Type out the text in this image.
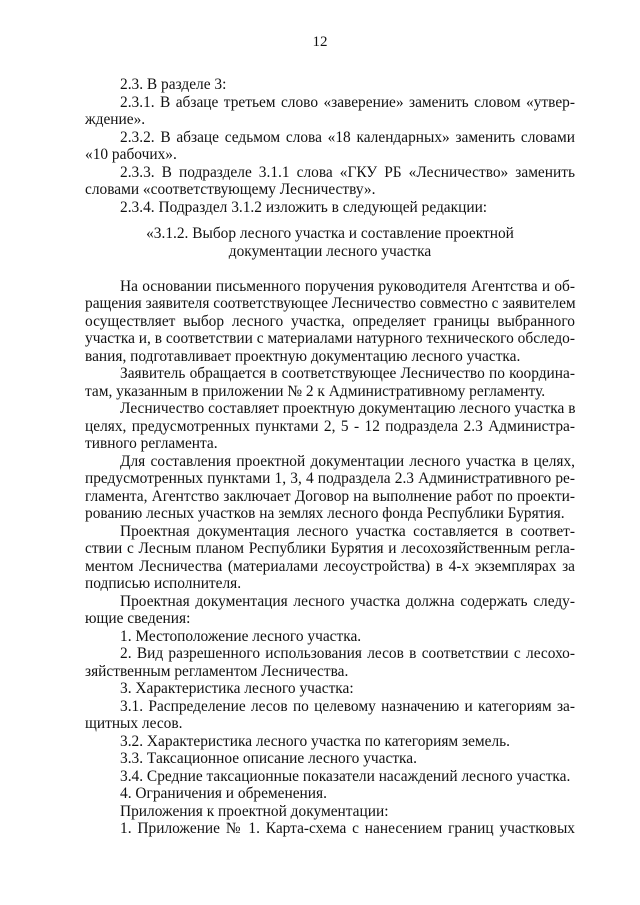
12
2.3. В разделе 3:
2.3.1. В абзаце третьем слово «заверение» заменить словом «утвер-
ждение».
2.3.2. В абзаце седьмом слова «18 календарных» заменить словами
«10 рабочих».
2.3.3. В подразделе 3.1.1 слова «ГКУ РБ «Лесничество» заменить
словами «соответствующему Лесничеству».
2.3.4. Подраздел 3.1.2 изложить в следующей редакции:
«3.1.2. Выбор лесного участка и составление проектной
документации лесного участка
На основании письменного поручения руководителя Агентства и об-
ращения заявителя соответствующее Лесничество совместно с заявителем
осуществляет выбор лесного участка, определяет границы выбранного
участка и, в соответствии с материалами натурного технического обследо-
вания, подготавливает проектную документацию лесного участка.
Заявитель обращается в соответствующее Лесничество по координа-
там, указанным в приложении № 2 к Административному регламенту.
Лесничество составляет проектную документацию лесного участка в
целях, предусмотренных пунктами 2, 5 - 12 подраздела 2.3 Администра-
тивного регламента.
Для составления проектной документации лесного участка в целях,
предусмотренных пунктами 1, 3, 4 подраздела 2.3 Административного ре-
гламента, Агентство заключает Договор на выполнение работ по проекти-
рованию лесных участков на землях лесного фонда Республики Бурятия.
Проектная документация лесного участка составляется в соответ-
ствии с Лесным планом Республики Бурятия и лесохозяйственным регла-
ментом Лесничества (материалами лесоустройства) в 4-х экземплярах за
подписью исполнителя.
Проектная документация лесного участка должна содержать следу-
ющие сведения:
1. Местоположение лесного участка.
2. Вид разрешенного использования лесов в соответствии с лесохо-
зяйственным регламентом Лесничества.
3. Характеристика лесного участка:
3.1. Распределение лесов по целевому назначению и категориям за-
щитных лесов.
3.2. Характеристика лесного участка по категориям земель.
3.3. Таксационное описание лесного участка.
3.4. Средние таксационные показатели насаждений лесного участка.
4. Ограничения и обременения.
Приложения к проектной документации:
1. Приложение № 1. Карта-схема с нанесением границ участковых
